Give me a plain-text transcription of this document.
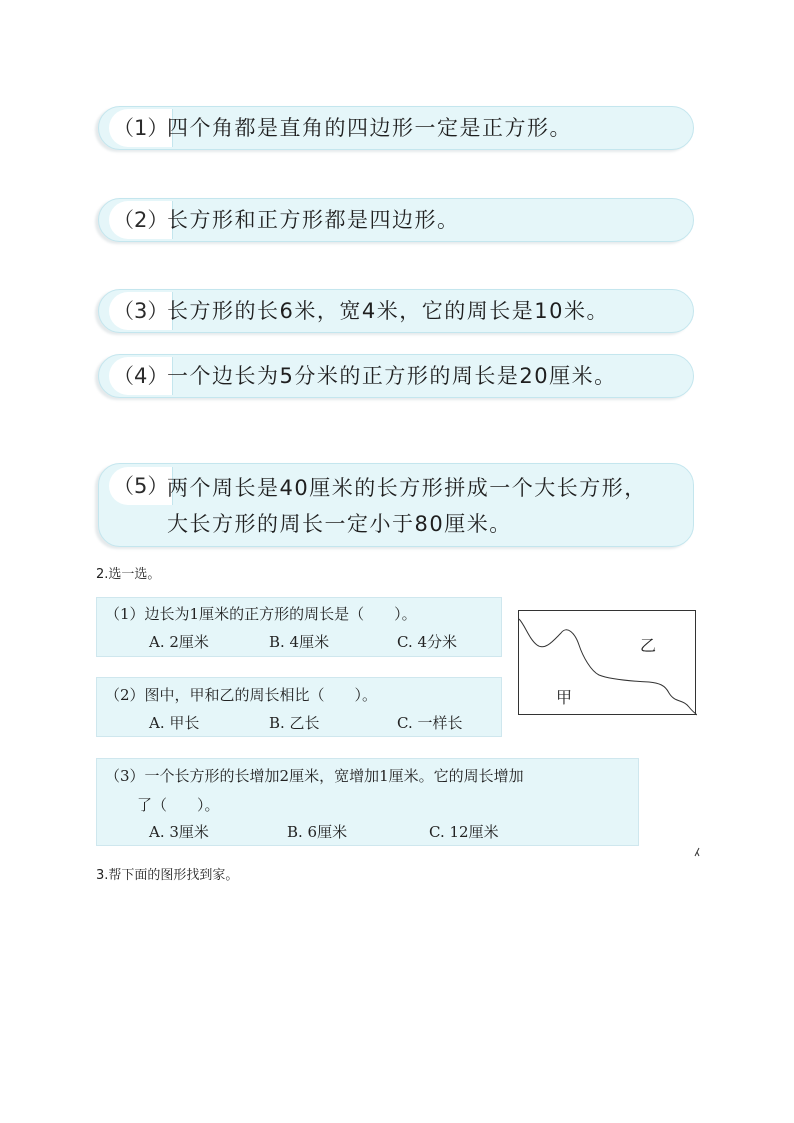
（1）
四个角都是直角的四边形一定是正方形。
（2）
长方形和正方形都是四边形。
（3）
长方形的长6米，宽4米，它的周长是10米。
（4）
一个边长为5分米的正方形的周长是20厘米。
（5）
两个周长是40厘米的长方形拼成一个大长方形，
大长方形的周长一定小于80厘米。
2.选一选。
（1）边长为1厘米的正方形的周长是（　　）。
A. 2厘米	B. 4厘米	C. 4分米
（2）图中，甲和乙的周长相比（　　）。
A. 甲长	B. 乙长	C. 一样长
乙
甲
（3）一个长方形的长增加2厘米，宽增加1厘米。它的周长增加
了（　　）。
A. 3厘米	B. 6厘米	C. 12厘米
3.帮下面的图形找到家。
